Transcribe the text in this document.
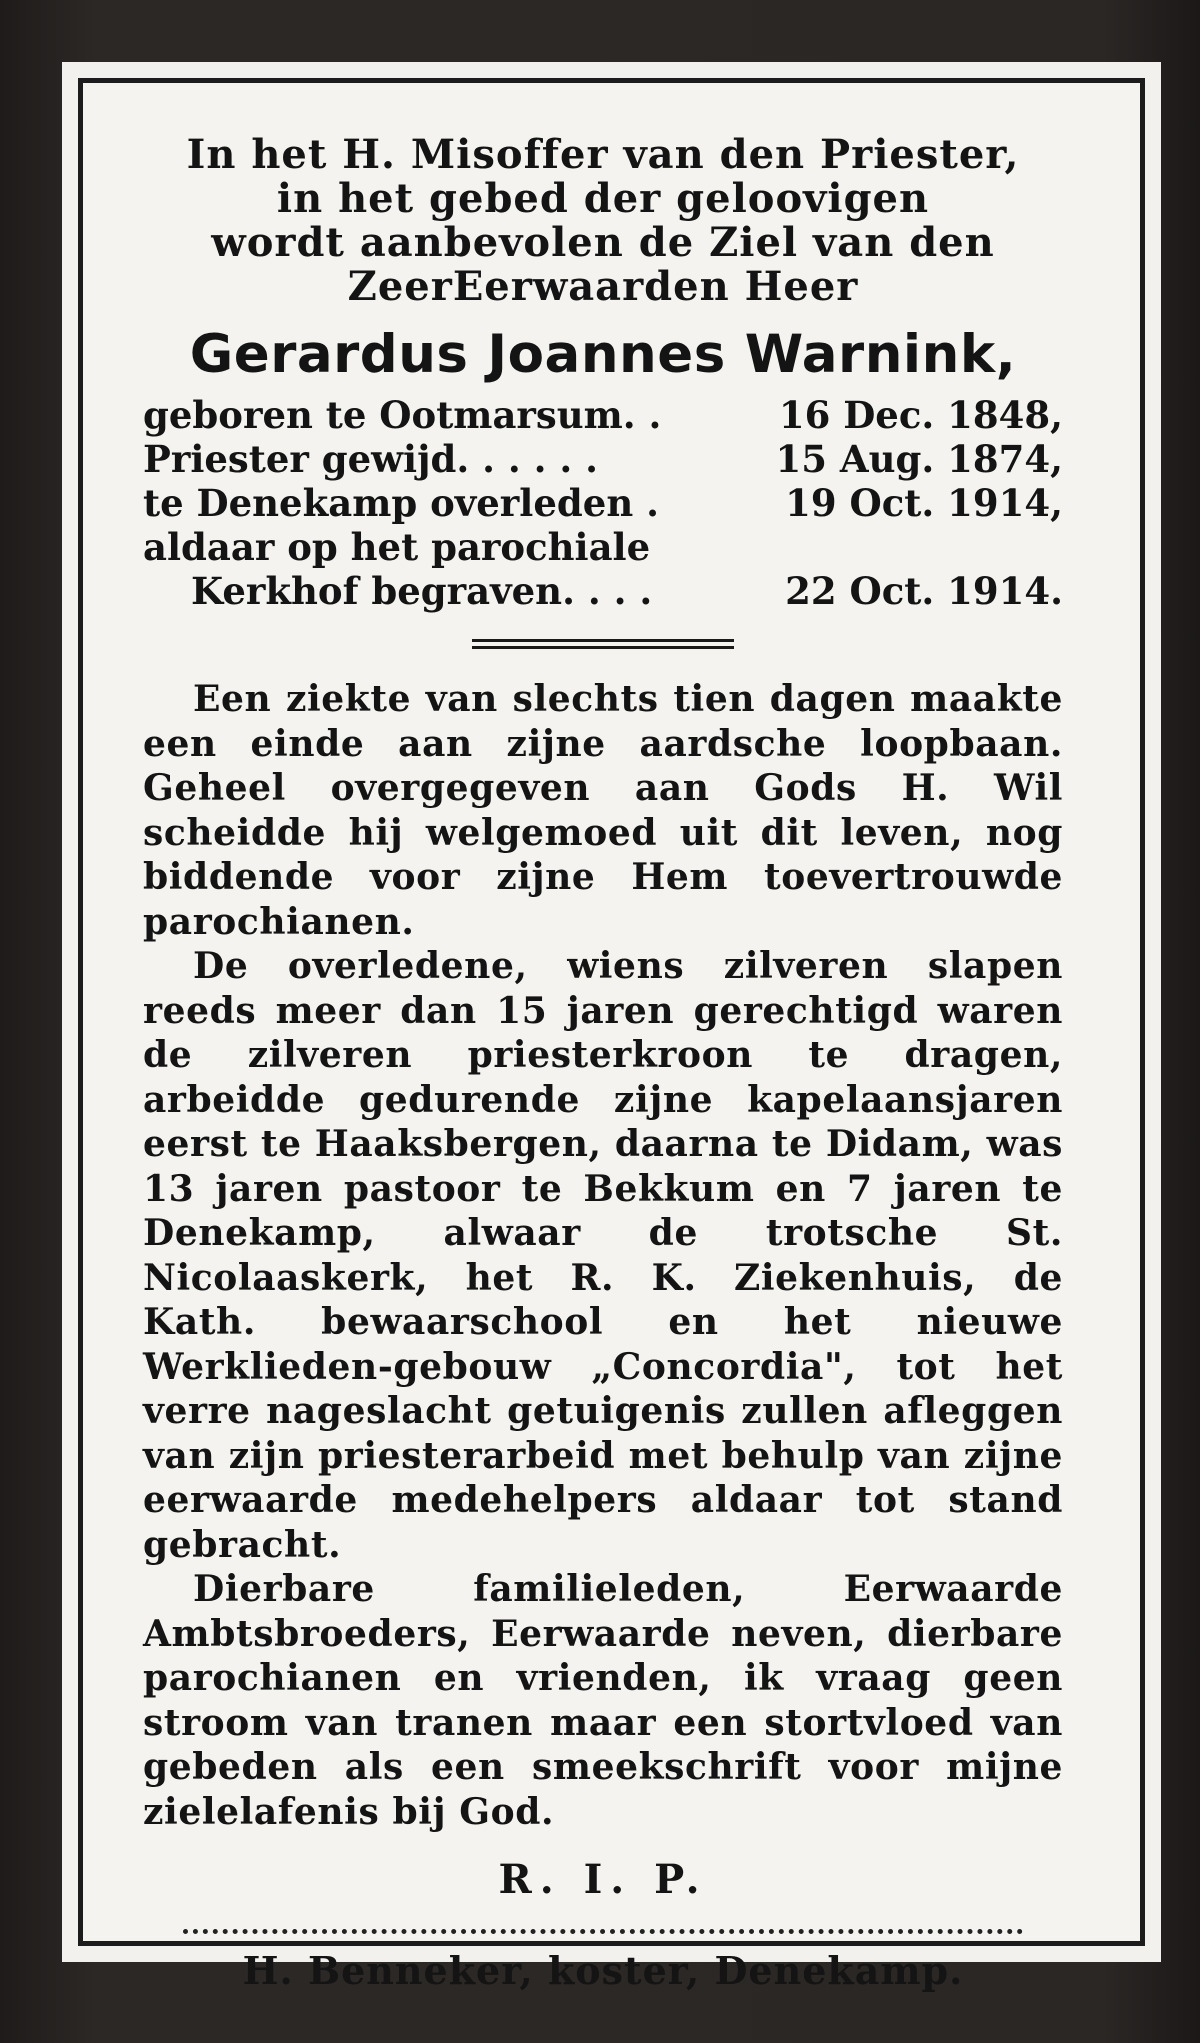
In het H. Misoffer van den Priester,
in het gebed der geloovigen
wordt aanbevolen de Ziel van den
ZeerEerwaarden Heer
Gerardus Joannes Warnink,
geboren te Ootmarsum. .	16 Dec. 1848,
Priester gewijd. . . . . .	15 Aug. 1874,
te Denekamp overleden .	19 Oct. 1914,
aldaar op het parochiale
Kerkhof begraven. . . .	22 Oct. 1914.

Een ziekte van slechts tien dagen maakte een einde aan zijne aardsche loopbaan. Geheel overgegeven aan Gods H. Wil scheidde hij welgemoed uit dit leven, nog biddende voor zijne Hem toevertrouwde parochianen.

De overledene, wiens zilveren slapen reeds meer dan 15 jaren gerechtigd waren de zilveren priesterkroon te dragen, arbeidde gedurende zijne kapelaansjaren eerst te Haaksbergen, daarna te Didam, was 13 jaren pastoor te Bekkum en 7 jaren te Denekamp, alwaar de trotsche St. Nicolaaskerk, het R. K. Ziekenhuis, de Kath. bewaarschool en het nieuwe Werklieden-gebouw „Concordia", tot het verre nageslacht getuigenis zullen afleggen van zijn priesterarbeid met behulp van zijne eerwaarde medehelpers aldaar tot stand gebracht.

Dierbare familieleden, Eerwaarde Ambtsbroeders, Eerwaarde neven, dierbare parochianen en vrienden, ik vraag geen stroom van tranen maar een stortvloed van gebeden als een smeekschrift voor mijne zielelafenis bij God.

R. I. P.
H. Benneker, koster, Denekamp.
